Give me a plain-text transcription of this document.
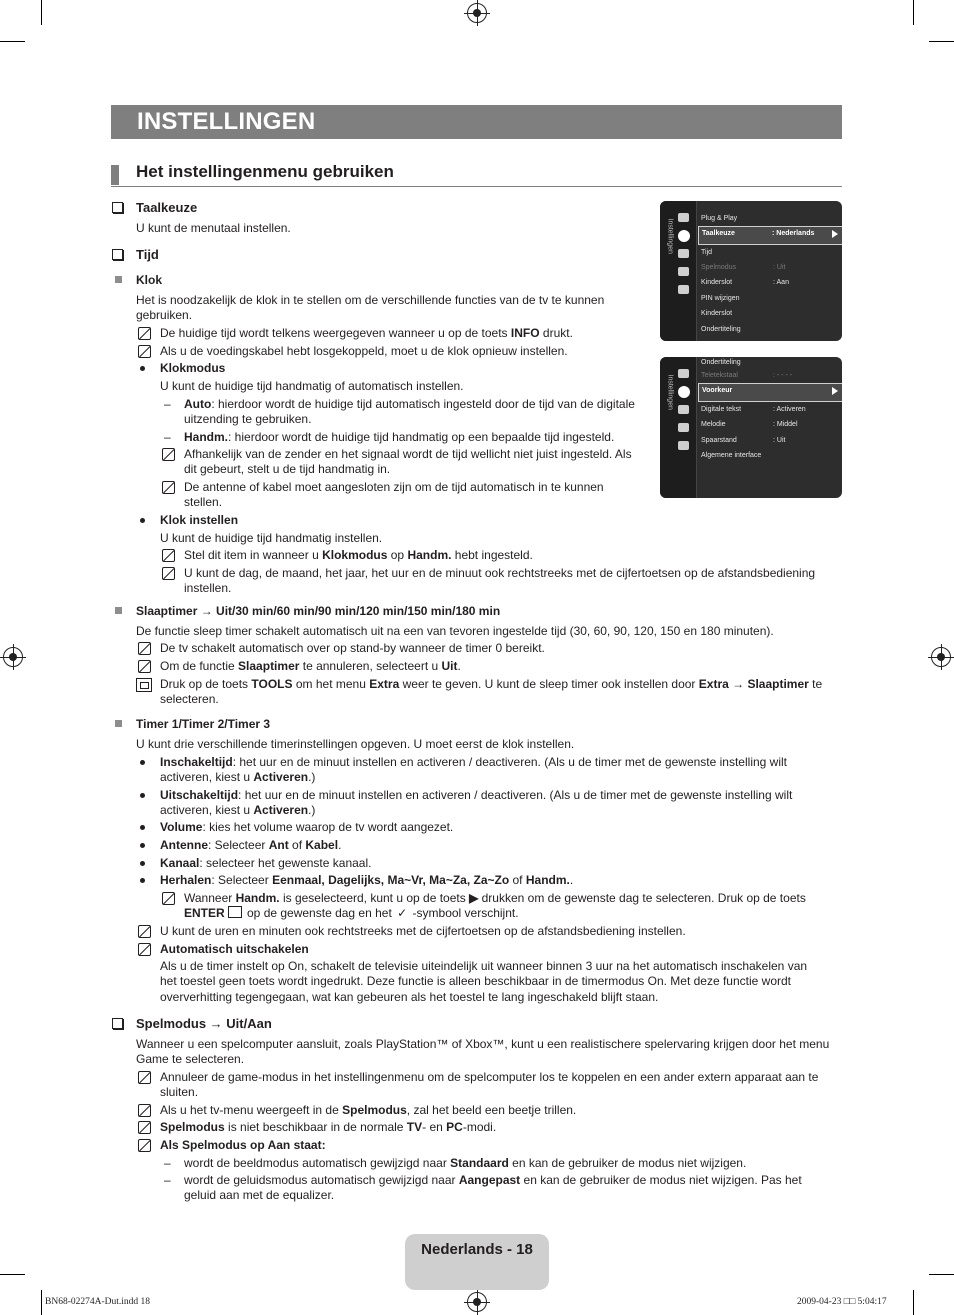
INSTELLINGEN
Het instellingenmenu gebruiken
Instellingen	Plug & Play
Taalkeuze	: Nederlands
Tijd
Spelmodus	: Uit
Kinderslot	: Aan
PIN wijzigen
Kinderslot
Ondertiteling
Instellingen
Ondertiteling
Teletekstaal	: - - - -
Voorkeur
Digitale tekst	: Activeren
Melodie	: Middel
Spaarstand	: Uit
Algemene interface
Taalkeuze
U kunt de menutaal instellen.
Tijd
Klok
Het is noodzakelijk de klok in te stellen om de verschillende functies van de tv te kunnen
gebruiken.
De huidige tijd wordt telkens weergegeven wanneer u op de toets INFO drukt.
Als u de voedingskabel hebt losgekoppeld, moet u de klok opnieuw instellen.
Klokmodus
U kunt de huidige tijd handmatig of automatisch instellen.
– Auto: hierdoor wordt de huidige tijd automatisch ingesteld door de tijd van de digitale
uitzending te gebruiken.
– Handm.: hierdoor wordt de huidige tijd handmatig op een bepaalde tijd ingesteld.
Afhankelijk van de zender en het signaal wordt de tijd wellicht niet juist ingesteld. Als
dit gebeurt, stelt u de tijd handmatig in.
De antenne of kabel moet aangesloten zijn om de tijd automatisch in te kunnen
stellen.
Klok instellen
U kunt de huidige tijd handmatig instellen.
Stel dit item in wanneer u Klokmodus op Handm. hebt ingesteld.
U kunt de dag, de maand, het jaar, het uur en de minuut ook rechtstreeks met de cijfertoetsen op de afstandsbediening
instellen.
Slaaptimer → Uit/30 min/60 min/90 min/120 min/150 min/180 min
De functie sleep timer schakelt automatisch uit na een van tevoren ingestelde tijd (30, 60, 90, 120, 150 en 180 minuten).
De tv schakelt automatisch over op stand-by wanneer de timer 0 bereikt.
Om de functie Slaaptimer te annuleren, selecteert u Uit.
Druk op de toets TOOLS om het menu Extra weer te geven. U kunt de sleep timer ook instellen door Extra → Slaaptimer te
selecteren.
Timer 1/Timer 2/Timer 3
U kunt drie verschillende timerinstellingen opgeven. U moet eerst de klok instellen.
Inschakeltijd: het uur en de minuut instellen en activeren / deactiveren. (Als u de timer met de gewenste instelling wilt
activeren, kiest u Activeren.)
Uitschakeltijd: het uur en de minuut instellen en activeren / deactiveren. (Als u de timer met de gewenste instelling wilt
activeren, kiest u Activeren.)
Volume: kies het volume waarop de tv wordt aangezet.
Antenne: Selecteer Ant of Kabel.
Kanaal: selecteer het gewenste kanaal.
Herhalen: Selecteer Eenmaal, Dagelijks, Ma~Vr, Ma~Za, Za~Zo of Handm..
Wanneer Handm. is geselecteerd, kunt u op de toets ▶ drukken om de gewenste dag te selecteren. Druk op de toets
ENTER op de gewenste dag en het ✓ -symbool verschijnt.
U kunt de uren en minuten ook rechtstreeks met de cijfertoetsen op de afstandsbediening instellen.
Automatisch uitschakelen
Als u de timer instelt op On, schakelt de televisie uiteindelijk uit wanneer binnen 3 uur na het automatisch inschakelen van
het toestel geen toets wordt ingedrukt. Deze functie is alleen beschikbaar in de timermodus On. Met deze functie wordt
oververhitting tegengegaan, wat kan gebeuren als het toestel te lang ingeschakeld blijft staan.
Spelmodus → Uit/Aan
Wanneer u een spelcomputer aansluit, zoals PlayStation™ of Xbox™, kunt u een realistischere spelervaring krijgen door het menu
Game te selecteren.
Annuleer de game-modus in het instellingenmenu om de spelcomputer los te koppelen en een ander extern apparaat aan te
sluiten.
Als u het tv-menu weergeeft in de Spelmodus, zal het beeld een beetje trillen.
Spelmodus is niet beschikbaar in de normale TV- en PC-modi.
Als Spelmodus op Aan staat:
– wordt de beeldmodus automatisch gewijzigd naar Standaard en kan de gebruiker de modus niet wijzigen.
– wordt de geluidsmodus automatisch gewijzigd naar Aangepast en kan de gebruiker de modus niet wijzigen. Pas het
geluid aan met de equalizer.
Nederlands - 18
BN68-02274A-Dut.indd 18	2009-04-23 □□ 5:04:17
